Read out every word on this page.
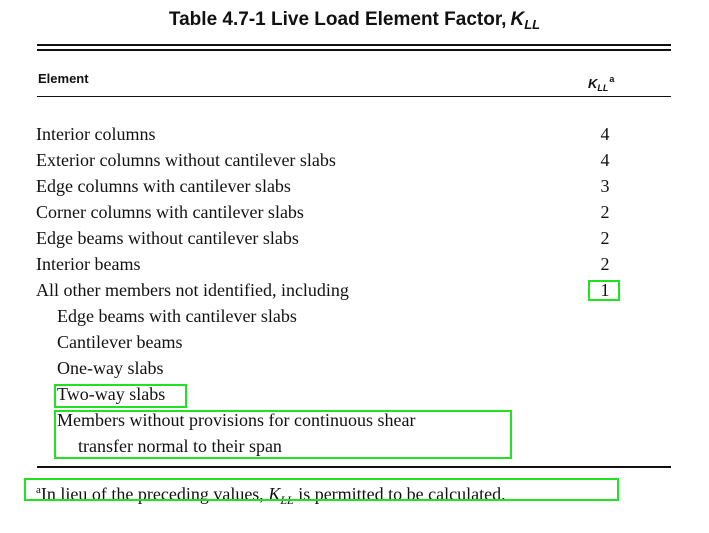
Table 4.7-1 Live Load Element Factor, $K_{LL}$
Element	$K_{LL}^a$
Interior columns	4
Exterior columns without cantilever slabs	4
Edge columns with cantilever slabs	3
Corner columns with cantilever slabs	2
Edge beams without cantilever slabs	2
Interior beams	2
All other members not identified, including	1
Edge beams with cantilever slabs
Cantilever beams
One-way slabs
Two-way slabs
Members without provisions for continuous shear
transfer normal to their span
$^a$In lieu of the preceding values, $K_{LL}$ is permitted to be calculated.
